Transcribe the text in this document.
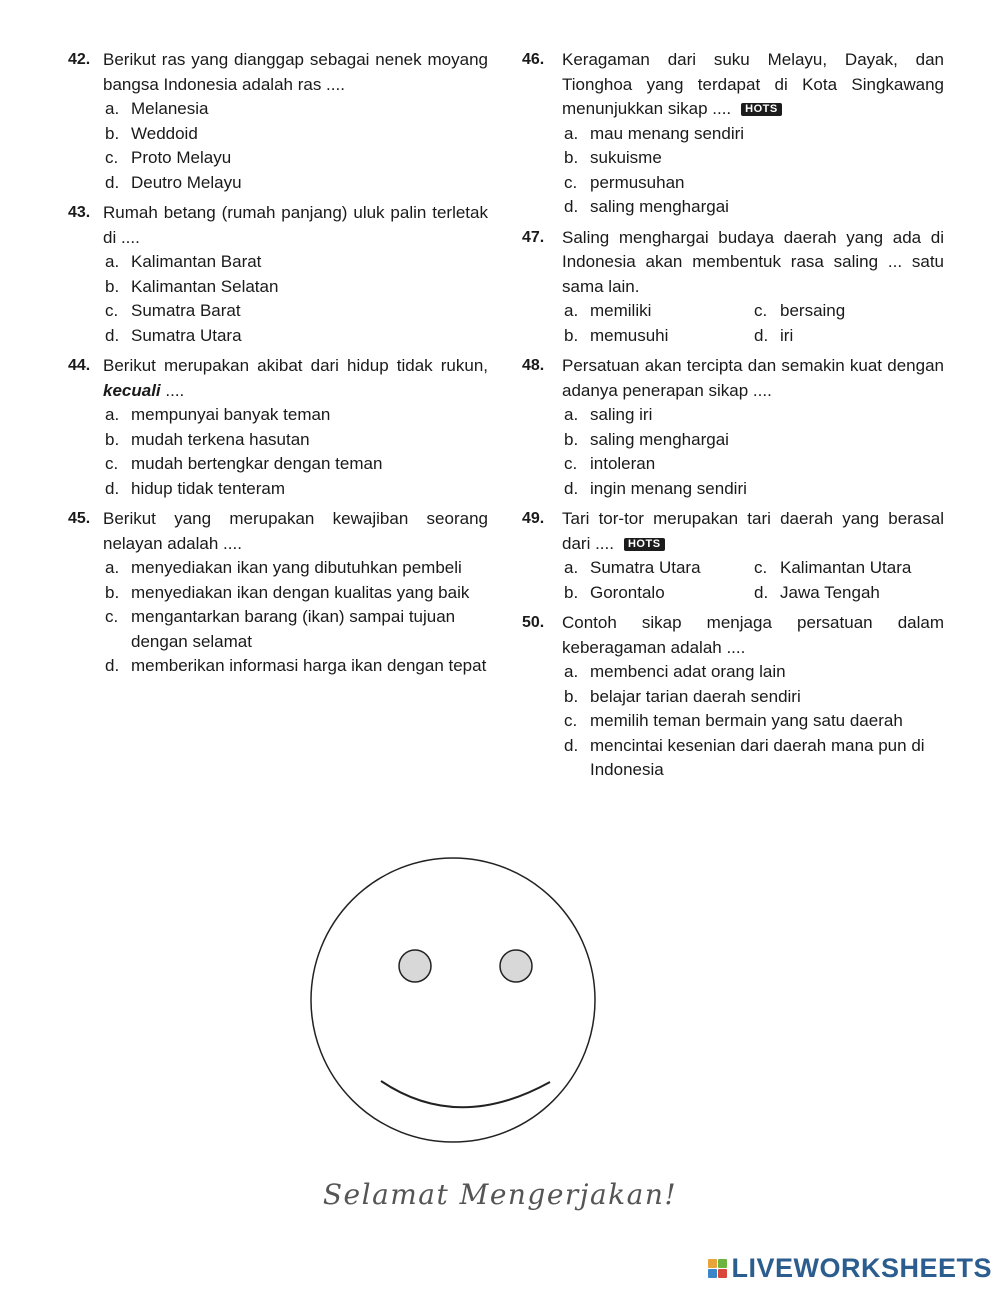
42. Berikut ras yang dianggap sebagai nenek moyang bangsa Indonesia adalah ras ....
a. Melanesia
b. Weddoid
c. Proto Melayu
d. Deutro Melayu
43. Rumah betang (rumah panjang) uluk palin terletak di ....
a. Kalimantan Barat
b. Kalimantan Selatan
c. Sumatra Barat
d. Sumatra Utara
44. Berikut merupakan akibat dari hidup tidak rukun, kecuali ....
a. mempunyai banyak teman
b. mudah terkena hasutan
c. mudah bertengkar dengan teman
d. hidup tidak tenteram
45. Berikut yang merupakan kewajiban seorang nelayan adalah ....
a. menyediakan ikan yang dibutuhkan pembeli
b. menyediakan ikan dengan kualitas yang baik
c. mengantarkan barang (ikan) sampai tujuan dengan selamat
d. memberikan informasi harga ikan dengan tepat
46. Keragaman dari suku Melayu, Dayak, dan Tionghoa yang terdapat di Kota Singkawang menunjukkan sikap .... HOTS
a. mau menang sendiri
b. sukuisme
c. permusuhan
d. saling menghargai
47. Saling menghargai budaya daerah yang ada di Indonesia akan membentuk rasa saling ... satu sama lain.
a. memiliki	c. bersaing
b. memusuhi	d. iri
48. Persatuan akan tercipta dan semakin kuat dengan adanya penerapan sikap ....
a. saling iri
b. saling menghargai
c. intoleran
d. ingin menang sendiri
49. Tari tor-tor merupakan tari daerah yang berasal dari .... HOTS
a. Sumatra Utara	c. Kalimantan Utara
b. Gorontalo	d. Jawa Tengah
50. Contoh sikap menjaga persatuan dalam keberagaman adalah ....
a. membenci adat orang lain
b. belajar tarian daerah sendiri
c. memilih teman bermain yang satu daerah
d. mencintai kesenian dari daerah mana pun di Indonesia
Selamat Mengerjakan!
LIVEWORKSHEETS
